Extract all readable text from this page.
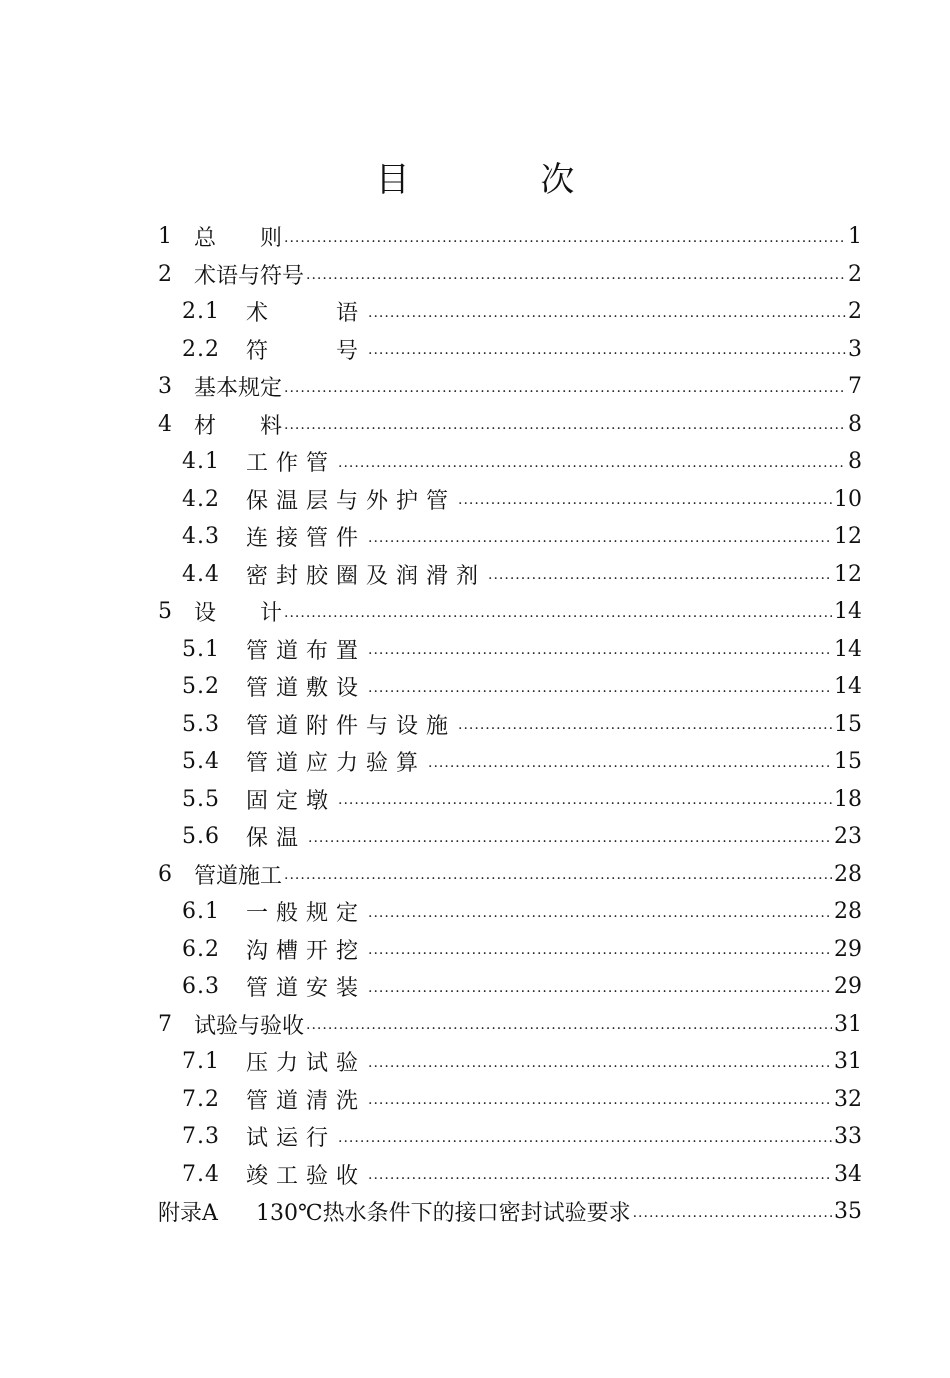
目 次
1	总　　则 .....	1
2	术语与符号 .....	2
2.1	术　　语 .....	2
2.2	符　　号 .....	3
3	基本规定 .....	7
4	材　　料 .....	8
4.1	工作管 .....	8
4.2	保温层与外护管 .....	10
4.3	连接管件 .....	12
4.4	密封胶圈及润滑剂 .....	12
5	设　　计 .....	14
5.1	管道布置 .....	14
5.2	管道敷设 .....	14
5.3	管道附件与设施 .....	15
5.4	管道应力验算 .....	15
5.5	固定墩 .....	18
5.6	保温 .....	23
6	管道施工 .....	28
6.1	一般规定 .....	28
6.2	沟槽开挖 .....	29
6.3	管道安装 .....	29
7	试验与验收 .....	31
7.1	压力试验 .....	31
7.2	管道清洗 .....	32
7.3	试运行 .....	33
7.4	竣工验收 .....	34
附录A	130℃热水条件下的接口密封试验要求 .....	35
